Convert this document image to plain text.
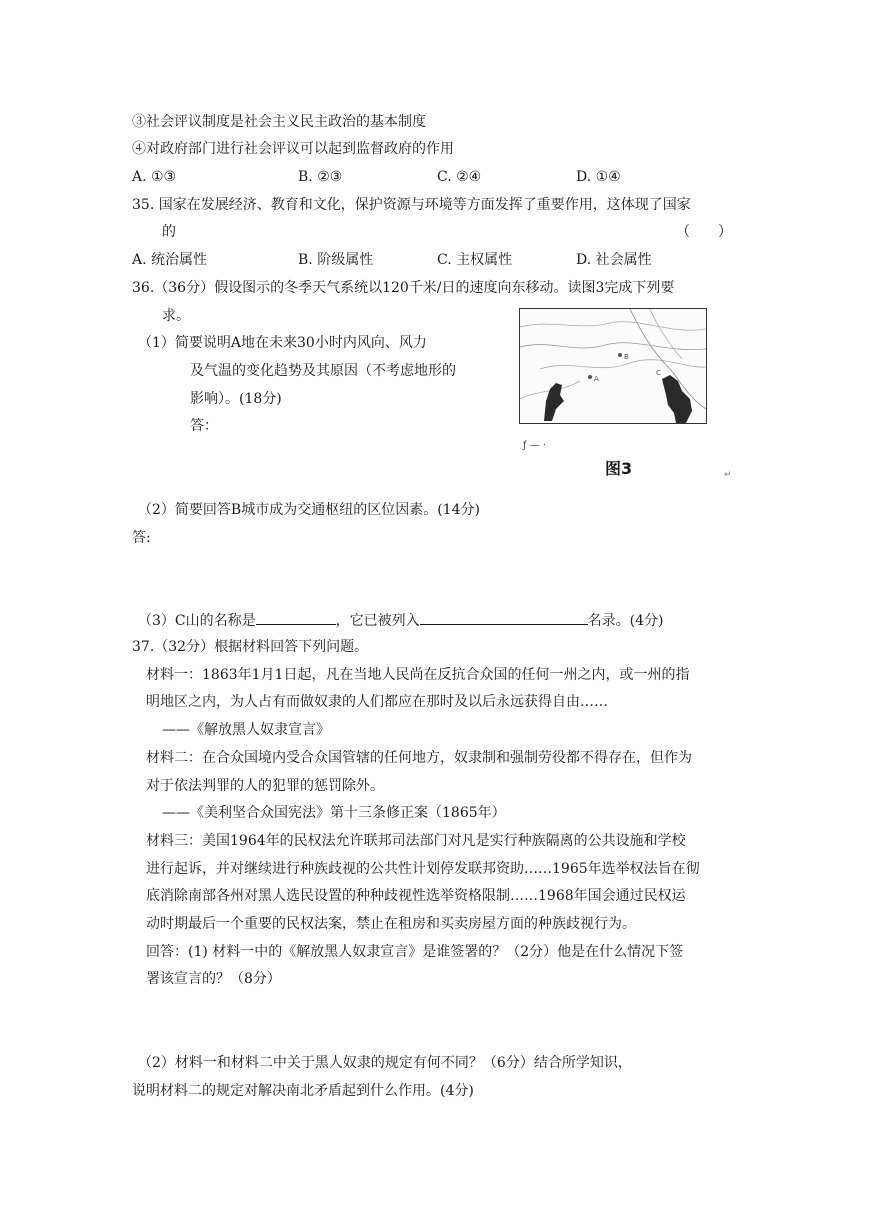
③社会评议制度是社会主义民主政治的基本制度
④对政府部门进行社会评议可以起到监督政府的作用
A. ①③	B. ②③	C. ②④	D. ①④
35. 国家在发展经济、教育和文化，保护资源与环境等方面发挥了重要作用，这体现了国家
的	（　　）
A. 统治属性	B. 阶级属性	C. 主权属性	D. 社会属性
36.（36分）假设图示的冬季天气系统以120千米/日的速度向东移动。读图3完成下列要
求。
（1）简要说明A地在未来30小时内风向、风力
及气温的变化趋势及其原因（不考虑地形的
影响）。(18分)
答：
A
B
C
ƒ — ·
图3	↵
（2）简要回答B城市成为交通枢纽的区位因素。(14分)
答:
（3）C山的名称是	，它已被列入	名录。(4分)
37.（32分）根据材料回答下列问题。
材料一：1863年1月1日起，凡在当地人民尚在反抗合众国的任何一州之内，或一州的指
明地区之内，为人占有而做奴隶的人们都应在那时及以后永远获得自由……
——《解放黑人奴隶宣言》
材料二：在合众国境内受合众国管辖的任何地方，奴隶制和强制劳役都不得存在，但作为
对于依法判罪的人的犯罪的惩罚除外。
——《美利坚合众国宪法》第十三条修正案（1865年）
材料三：美国1964年的民权法允许联邦司法部门对凡是实行种族隔离的公共设施和学校
进行起诉，并对继续进行种族歧视的公共性计划停发联邦资助……1965年选举权法旨在彻
底消除南部各州对黑人选民设置的种种歧视性选举资格限制……1968年国会通过民权运
动时期最后一个重要的民权法案，禁止在租房和买卖房屋方面的种族歧视行为。
回答：(1) 材料一中的《解放黑人奴隶宣言》是谁签署的？（2分）他是在什么情况下签
署该宣言的？（8分）
（2）材料一和材料二中关于黑人奴隶的规定有何不同？（6分）结合所学知识，
说明材料二的规定对解决南北矛盾起到什么作用。(4分)
